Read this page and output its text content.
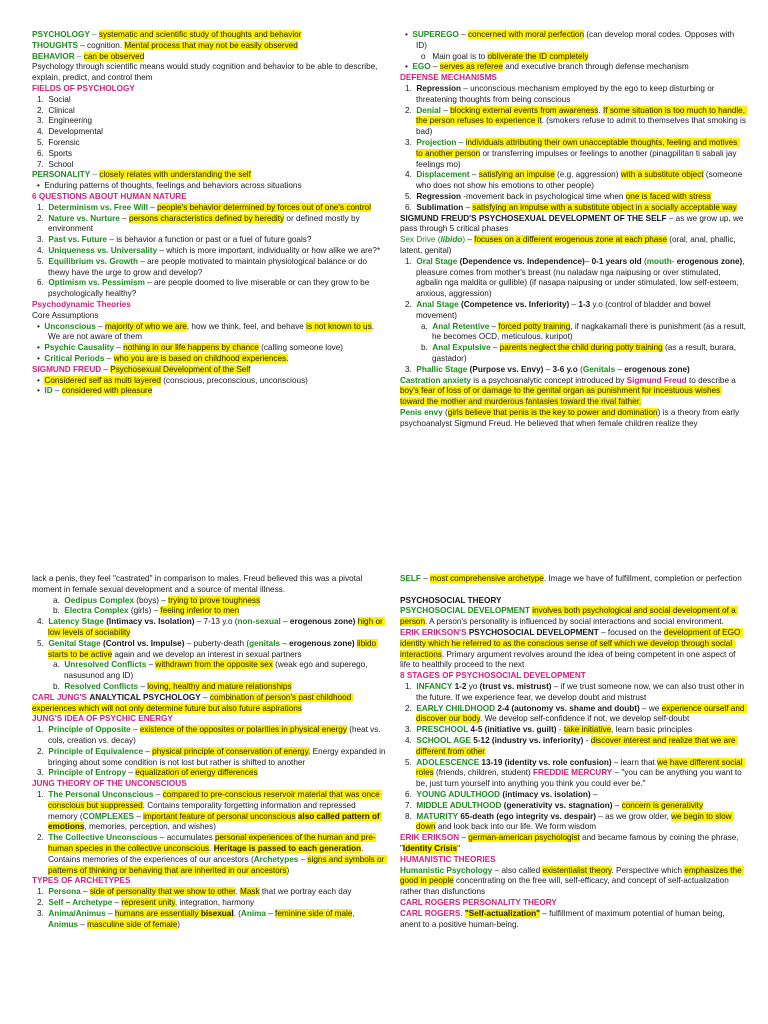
PSYCHOLOGY – systematic and scientific study of thoughts and behavior
THOUGHTS – cognition. Mental process that may not be easily observed
BEHAVIOR – can be observed
Psychology through scientific means would study cognition and behavior to be able to describe, explain, predict, and control them
FIELDS OF PSYCHOLOGY
1.  Social
2.  Clinical
3.  Engineering
4.  Developmental
5.  Forensic
6.  Sports
7.  School
PERSONALITY – closely relates with understanding the self
•  Enduring patterns of thoughts, feelings and behaviors across situations
6 QUESTIONS ABOUT HUMAN NATURE
1.  Determinism vs. Free Will – people's behavior determined by forces out of one's control
2.  Nature vs. Nurture – persons characteristics defined by heredity or defined mostly by environment
3.  Past vs. Future – is behavior a function or past or a fuel of future goals?
4.  Uniqueness vs. Universality – which is more important, individuality or how alike we are?*
5.  Equilibrium vs. Growth – are people motivated to maintain physiological balance or do thewy have the urge to grow and develop?
6.  Optimism vs. Pessimism – are people doomed to live miserable or can they grow to be psychologically healthy?
Psychodynamic Theories
Core Assumptions
•  Unconscious – majority of who we are, how we think, feel, and behave is not known to us. We are not aware of them
•  Psychic Causality – nothing in our life happens by chance (calling someone love)
•  Critical Periods – who you are is based on childhood experiences.
SIGMUND FREUD – Psychosexual Development of the Self
•  Considered self as multi layered (conscious, preconscious, unconscious)
•  ID – considered with pleasure
•  SUPEREGO – concerned with moral perfection (can develop moral codes. Opposes with ID)
o   Main goal is to obliverate the ID completely
•  EGO – serves as referee and executive branch through defense mechanism
DEFENSE MECHANISMS
1.  Repression – unconscious mechanism employed by the ego to keep disturbing or threatening thoughts from being conscious
2.  Denial – blocking external events from awareness. If some situation is too much to handle, the person refuses to experience it. (smokers refuse to admit to themselves that smoking is bad)
3.  Projection – individuals attributing their own unacceptable thoughts, feeling and motives to another person or transferring impulses or feelings to another (pinagpilitan ti sabali jay feelings mo)
4.  Displacement – satisfying an impulse (e.g. aggression) with a substitute object (someone who does not show his emotions to other people)
5.  Regression -movement back in psychological time when one is faced with stress
6.  Sublimation – satisfying an impulse with a substitute object in a socially acceptable way
SIGMUND FREUD'S PSYCHOSEXUAL DEVELOPMENT OF THE SELF – as we grow up, we pass through 5 critical phases
Sex Drive (libido) – focuses on a different erogenous zone at each phase (oral, anal, phallic, latent, genital)
1.  Oral Stage (Dependence vs. Independence)– 0-1 years old (mouth- erogenous zone), pleasure comes from mother's breast (nu naladaw nga naipusing or over stimulated, agbalin nga maldita or gullible) (if nasapa naipusing or under stimulated, low self-esteem, anxious, aggression)
2.  Anal Stage (Competence vs. Inferiority) – 1-3 y.o (control of bladder and bowel movement)
a.  Anal Retentive – forced potty training, if nagkakamali there is punishment (as a result, he becomes OCD, meticulous, kuripot)
b.  Anal Expulsive – parents neglect the child during potty training (as a result, burara, gastador)
3.  Phallic Stage (Purpose vs. Envy) – 3-6 y.o (Genitals – erogenous zone)
Castration anxiety is a psychoanalytic concept introduced by Sigmund Freud to describe a boy's fear of loss of or damage to the genital organ as punishment for incestuous wishes toward the mother and murderous fantasies toward the rival father.
Penis envy (girls believe that penis is the key to power and domination) is a theory from early psychoanalyst Sigmund Freud. He believed that when female children realize they
lack a penis, they feel "castrated" in comparison to males. Freud believed this was a pivotal moment in female sexual development and a source of mental illness.
a.  Oedipus Complex (boys) – trying to prove toughness
b.  Electra Complex (girls) – feeling inferior to men
4.  Latency Stage (Intimacy vs. Isolation) – 7-13 y.o (non-sexual – erogenous zone) high or low levels of sociability
5.  Genital Stage (Control vs. Impulse) – puberty-death (genitals – erogenous zone) libido starts to be active again and we develop an interest in sexual partners
a.  Unresolved Conflicts – withdrawn from the opposite sex (weak ego and superego, nasusunod ang ID)
b.  Resolved Conflicts – loving, healthy and mature relationships
CARL JUNG'S ANALYTICAL PSYCHOLOGY – combination of person's past childhood experiences which will not only determine future but also future aspirations
JUNG'S IDEA OF PSYCHIC ENERGY
1.  Principle of Opposite – existence of the opposites or polarities in physical energy (heat vs. cols, creation vs. decay)
2.  Principle of Equivalence – physical principle of conservation of energy. Energy expanded in bringing about some condition is not lost but rather is shifted to another
3.  Principle of Entropy – equalization of energy differences
JUNG THEORY OF THE UNCONSCIOUS
1.  The Personal Unconscious – compared to pre-conscious reservoir material that was once conscious but suppressed. Contains temporality forgetting information and repressed memory (COMPLEXES – important feature of personal unconscious also called pattern of emotions, memories, perception, and wishes)
2.  The Collective Unconscious – accumulates personal experiences of the human and pre-human species in the collective unconscious. Heritage is passed to each generation. Contains memories of the experiences of our ancestors (Archetypes – signs and symbols or patterns of thinking or behaving that are inherited in our ancestors)
TYPES OF ARCHETYPES
1.  Persona – side of personality that we show to other. Mask that we portray each day
2.  Self – Archetype – represent unity, integration, harmony
3.  Anima/Animus – humans are essentially bisexual. (Anima – feminine side of male, Animus – masculine side of female)
SELF – most comprehensive archetype. Image we have of fulfillment, completion or perfection

PSYCHOSOCIAL THEORY
PSYCHOSOCIAL DEVELOPMENT involves both psychological and social development of a person. A person's personality is influenced by social interactions and social environment.
ERIK ERIKSON'S PSYCHOSOCIAL DEVELOPMENT – focused on the development of EGO identity which he referred to as the conscious sense of self which we develop through social interactions. Primary argument revolves around the idea of being competent in one aspect of life to healthily proceed to the next
8 STAGES OF PSYCHOSOCIAL DEVELOPMENT
1.  INFANCY 1-2 yo (trust vs. mistrust) – if we trust someone now, we can also trust other in the future. If we experience fear, we develop doubt and mistrust
2.  EARLY CHILDHOOD 2-4 (autonomy vs. shame and doubt) – we experience ourself and discover our body. We develop self-confidence if not, we develop self-doubt
3.  PRESCHOOL 4-5 (initiative vs. guilt) - take initiative, learn basic principles
4.  SCHOOL AGE 5-12 (industry vs. inferiority) - discover interest and realize that we are different from other
5.  ADOLESCENCE 13-19 (identity vs. role confusion) – learn that we have different social roles (friends, children, student) FREDDIE MERCURY – "you can be anything you want to be, just turn yourself into anything you think you could ever be."
6.  YOUNG ADULTHOOD (intimacy vs. isolation) –
7.  MIDDLE ADULTHOOD (generativity vs. stagnation) – concern is generativity
8.  MATURITY 65-death (ego integrity vs. despair) – as we grow older, we begin to slow down and look back into our life. We form wisdom
ERIK ERIKSON – german-american psychologist and became famous by coining the phrase, "Identity Crisis"
HUMANISTIC THEORIES
Humanistic Psychology – also called existentialist theory. Perspective which emphasizes the good in people concentrating on the free will, self-efficacy, and concept of self-actualization rather than disfunctions
CARL ROGERS PERSONALITY THEORY
CARL ROGERS. "Self-actualization" – fulfillment of maximum potential of human being, anent to a positive human-being.
